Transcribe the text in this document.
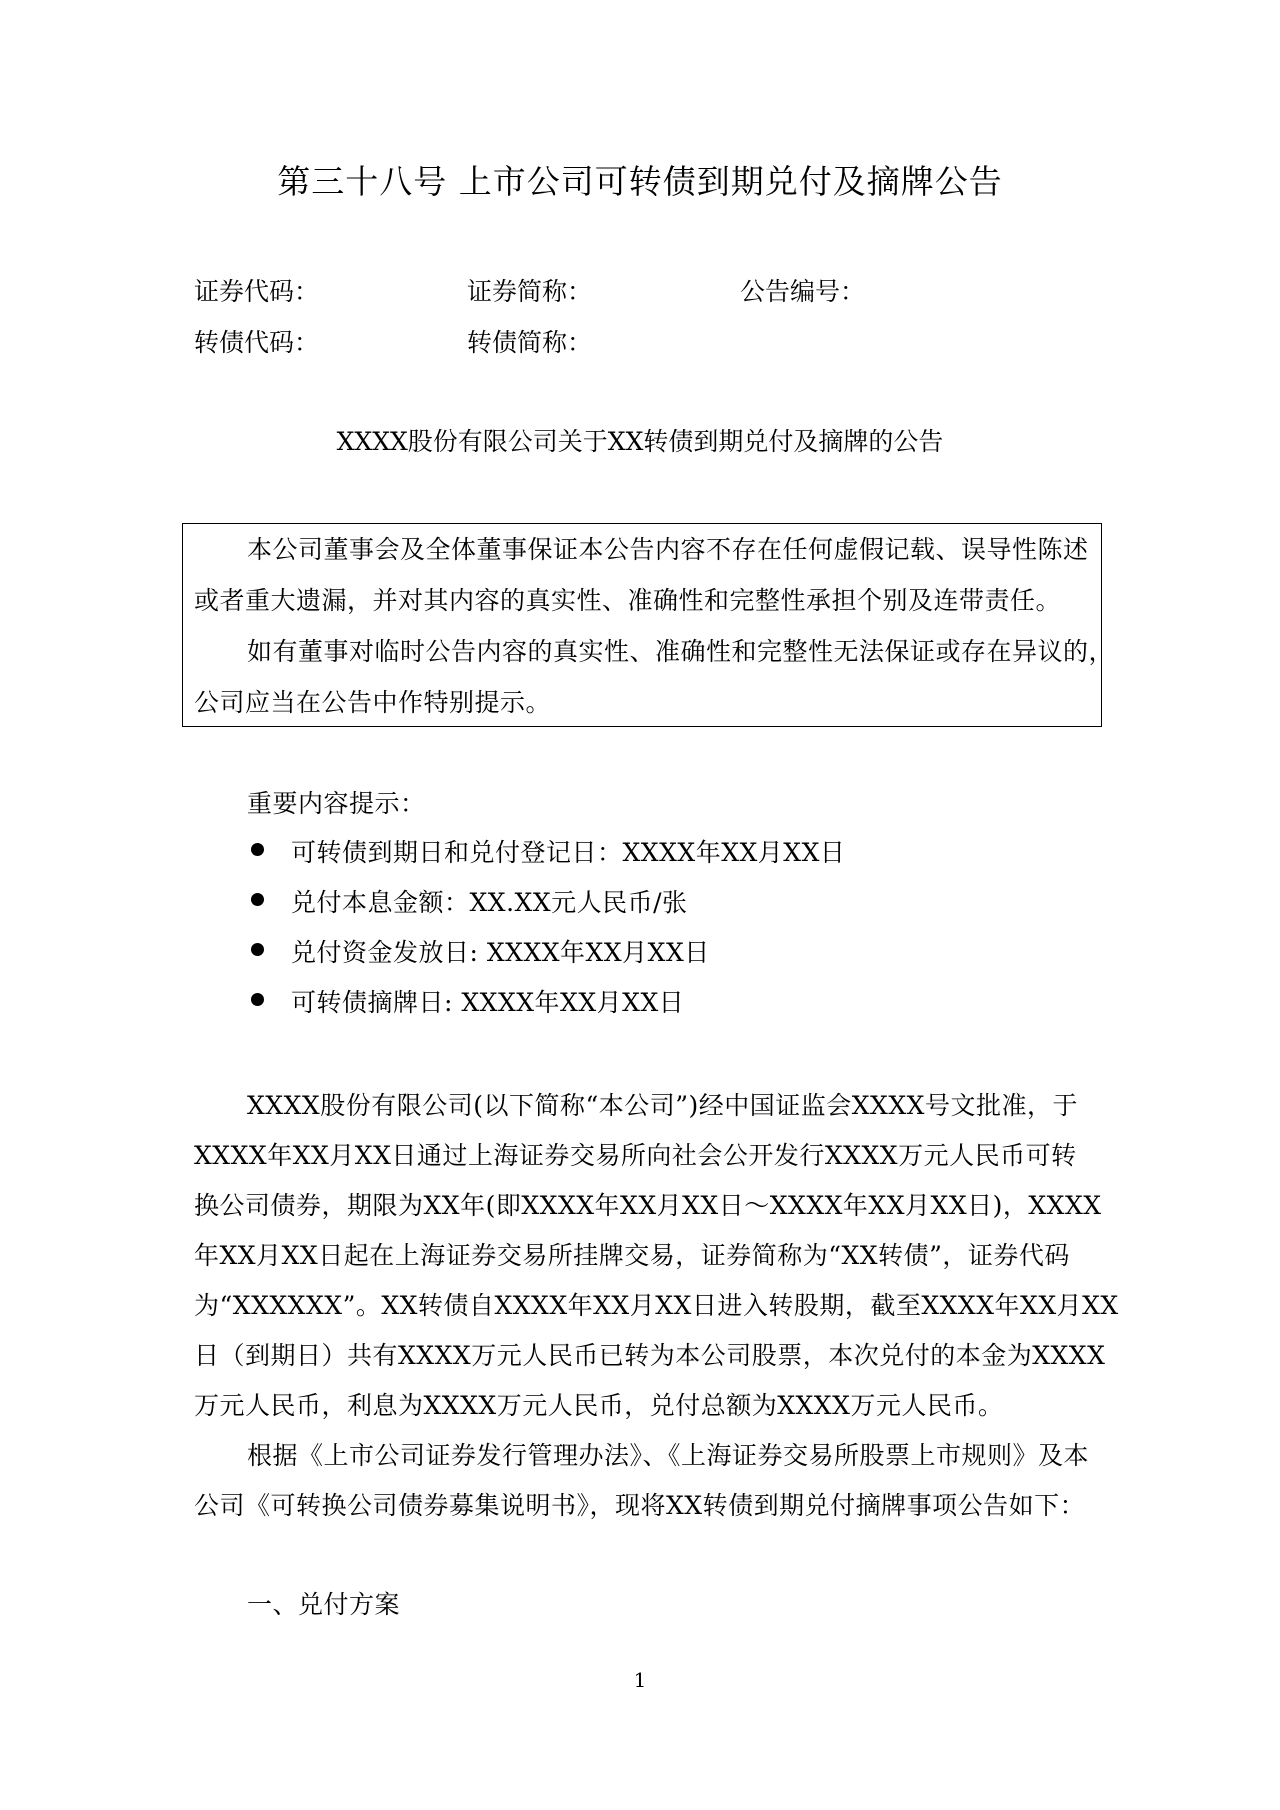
第三十八号 上市公司可转债到期兑付及摘牌公告
证券代码：	证券简称：	公告编号：
转债代码：	转债简称：
XXXX股份有限公司关于XX转债到期兑付及摘牌的公告
本公司董事会及全体董事保证本公告内容不存在任何虚假记载、误导性陈述
或者重大遗漏，并对其内容的真实性、准确性和完整性承担个别及连带责任。
如有董事对临时公告内容的真实性、准确性和完整性无法保证或存在异议的，
公司应当在公告中作特别提示。
重要内容提示：
可转债到期日和兑付登记日：XXXX年XX月XX日
兑付本息金额：XX.XX元人民币/张
兑付资金发放日: XXXX年XX月XX日
可转债摘牌日: XXXX年XX月XX日
XXXX股份有限公司(以下简称“本公司”)经中国证监会XXXX号文批准，于
XXXX年XX月XX日通过上海证券交易所向社会公开发行XXXX万元人民币可转
换公司债券，期限为XX年(即XXXX年XX月XX日～XXXX年XX月XX日)，XXXX
年XX月XX日起在上海证券交易所挂牌交易，证券简称为“XX转债”，证券代码
为“XXXXXX”。XX转债自XXXX年XX月XX日进入转股期，截至XXXX年XX月XX
日（到期日）共有XXXX万元人民币已转为本公司股票，本次兑付的本金为XXXX
万元人民币，利息为XXXX万元人民币，兑付总额为XXXX万元人民币。
根据《上市公司证券发行管理办法》、《上海证券交易所股票上市规则》及本
公司《可转换公司债券募集说明书》，现将XX转债到期兑付摘牌事项公告如下：
一、兑付方案
1
